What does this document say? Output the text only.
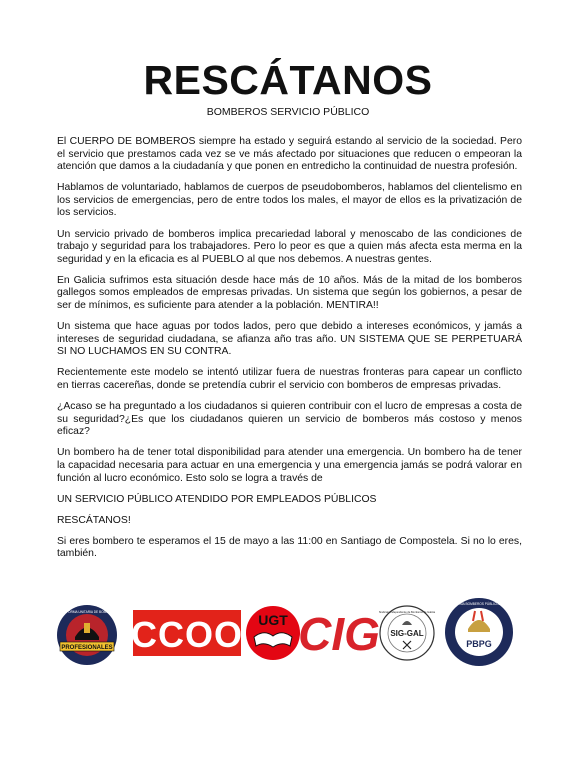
RESCÁTANOS
BOMBEROS SERVICIO PÚBLICO

El CUERPO DE BOMBEROS siempre ha estado y seguirá estando al servicio de la sociedad. Pero el servicio que prestamos cada vez se ve más afectado por situaciones que reducen o empeoran la atención que damos a la ciudadanía y que ponen en entredicho la continuidad de nuestra profesión.

Hablamos de voluntariado, hablamos de cuerpos de pseudobomberos, hablamos del clientelismo en los servicios de emergencias, pero de entre todos los males, el mayor de ellos es la privatización de los servicios.

Un servicio privado de bomberos implica precariedad laboral y menoscabo de las condiciones de trabajo y seguridad para los trabajadores. Pero lo peor es que a quien más afecta esta merma en la seguridad y en la eficacia es al PUEBLO al que nos debemos. A nuestras gentes.

En Galicia sufrimos esta situación desde hace más de 10 años. Más de la mitad de los bomberos gallegos somos empleados de empresas privadas. Un sistema que según los gobiernos, a pesar de ser de mínimos, es suficiente para atender a la población. MENTIRA!!

Un sistema que hace aguas por todos lados, pero que debido a intereses económicos, y jamás a intereses de seguridad ciudadana, se afianza año tras año. UN SISTEMA QUE SE PERPETUARÁ SI NO LUCHAMOS EN SU CONTRA.

Recientemente este modelo se intentó utilizar fuera de nuestras fronteras para capear un conflicto en tierras cacereñas, donde se pretendía cubrir el servicio con bomberos de empresas privadas.

¿Acaso se ha preguntado a los ciudadanos si quieren contribuir con el lucro de empresas a costa de su seguridad?¿Es que los ciudadanos quieren un servicio de bomberos más costoso y menos eficaz?

Un bombero ha de tener total disponibilidad para atender una emergencia. Un bombero ha de tener la capacidad necesaria para actuar en una emergencia y una emergencia jamás se podrá valorar en función al lucro económico. Esto solo se logra a través de

UN SERVICIO PÚBLICO ATENDIDO POR EMPLEADOS PÚBLICOS

RESCÁTANOS!

Si eres bombero te esperamos el 15 de mayo a las 11:00 en Santiago de Compostela. Si no lo eres, también.

PROFESIONALES
PLATAFORMA UNITARIA DE BOMBEROS
CCOO UGT CIG SIG-GAL
Sindicato Independiente de Bomberos de Galicia
PBPG
PLATAFORMA BOMBEROS PÚBLICOS GALICIA
